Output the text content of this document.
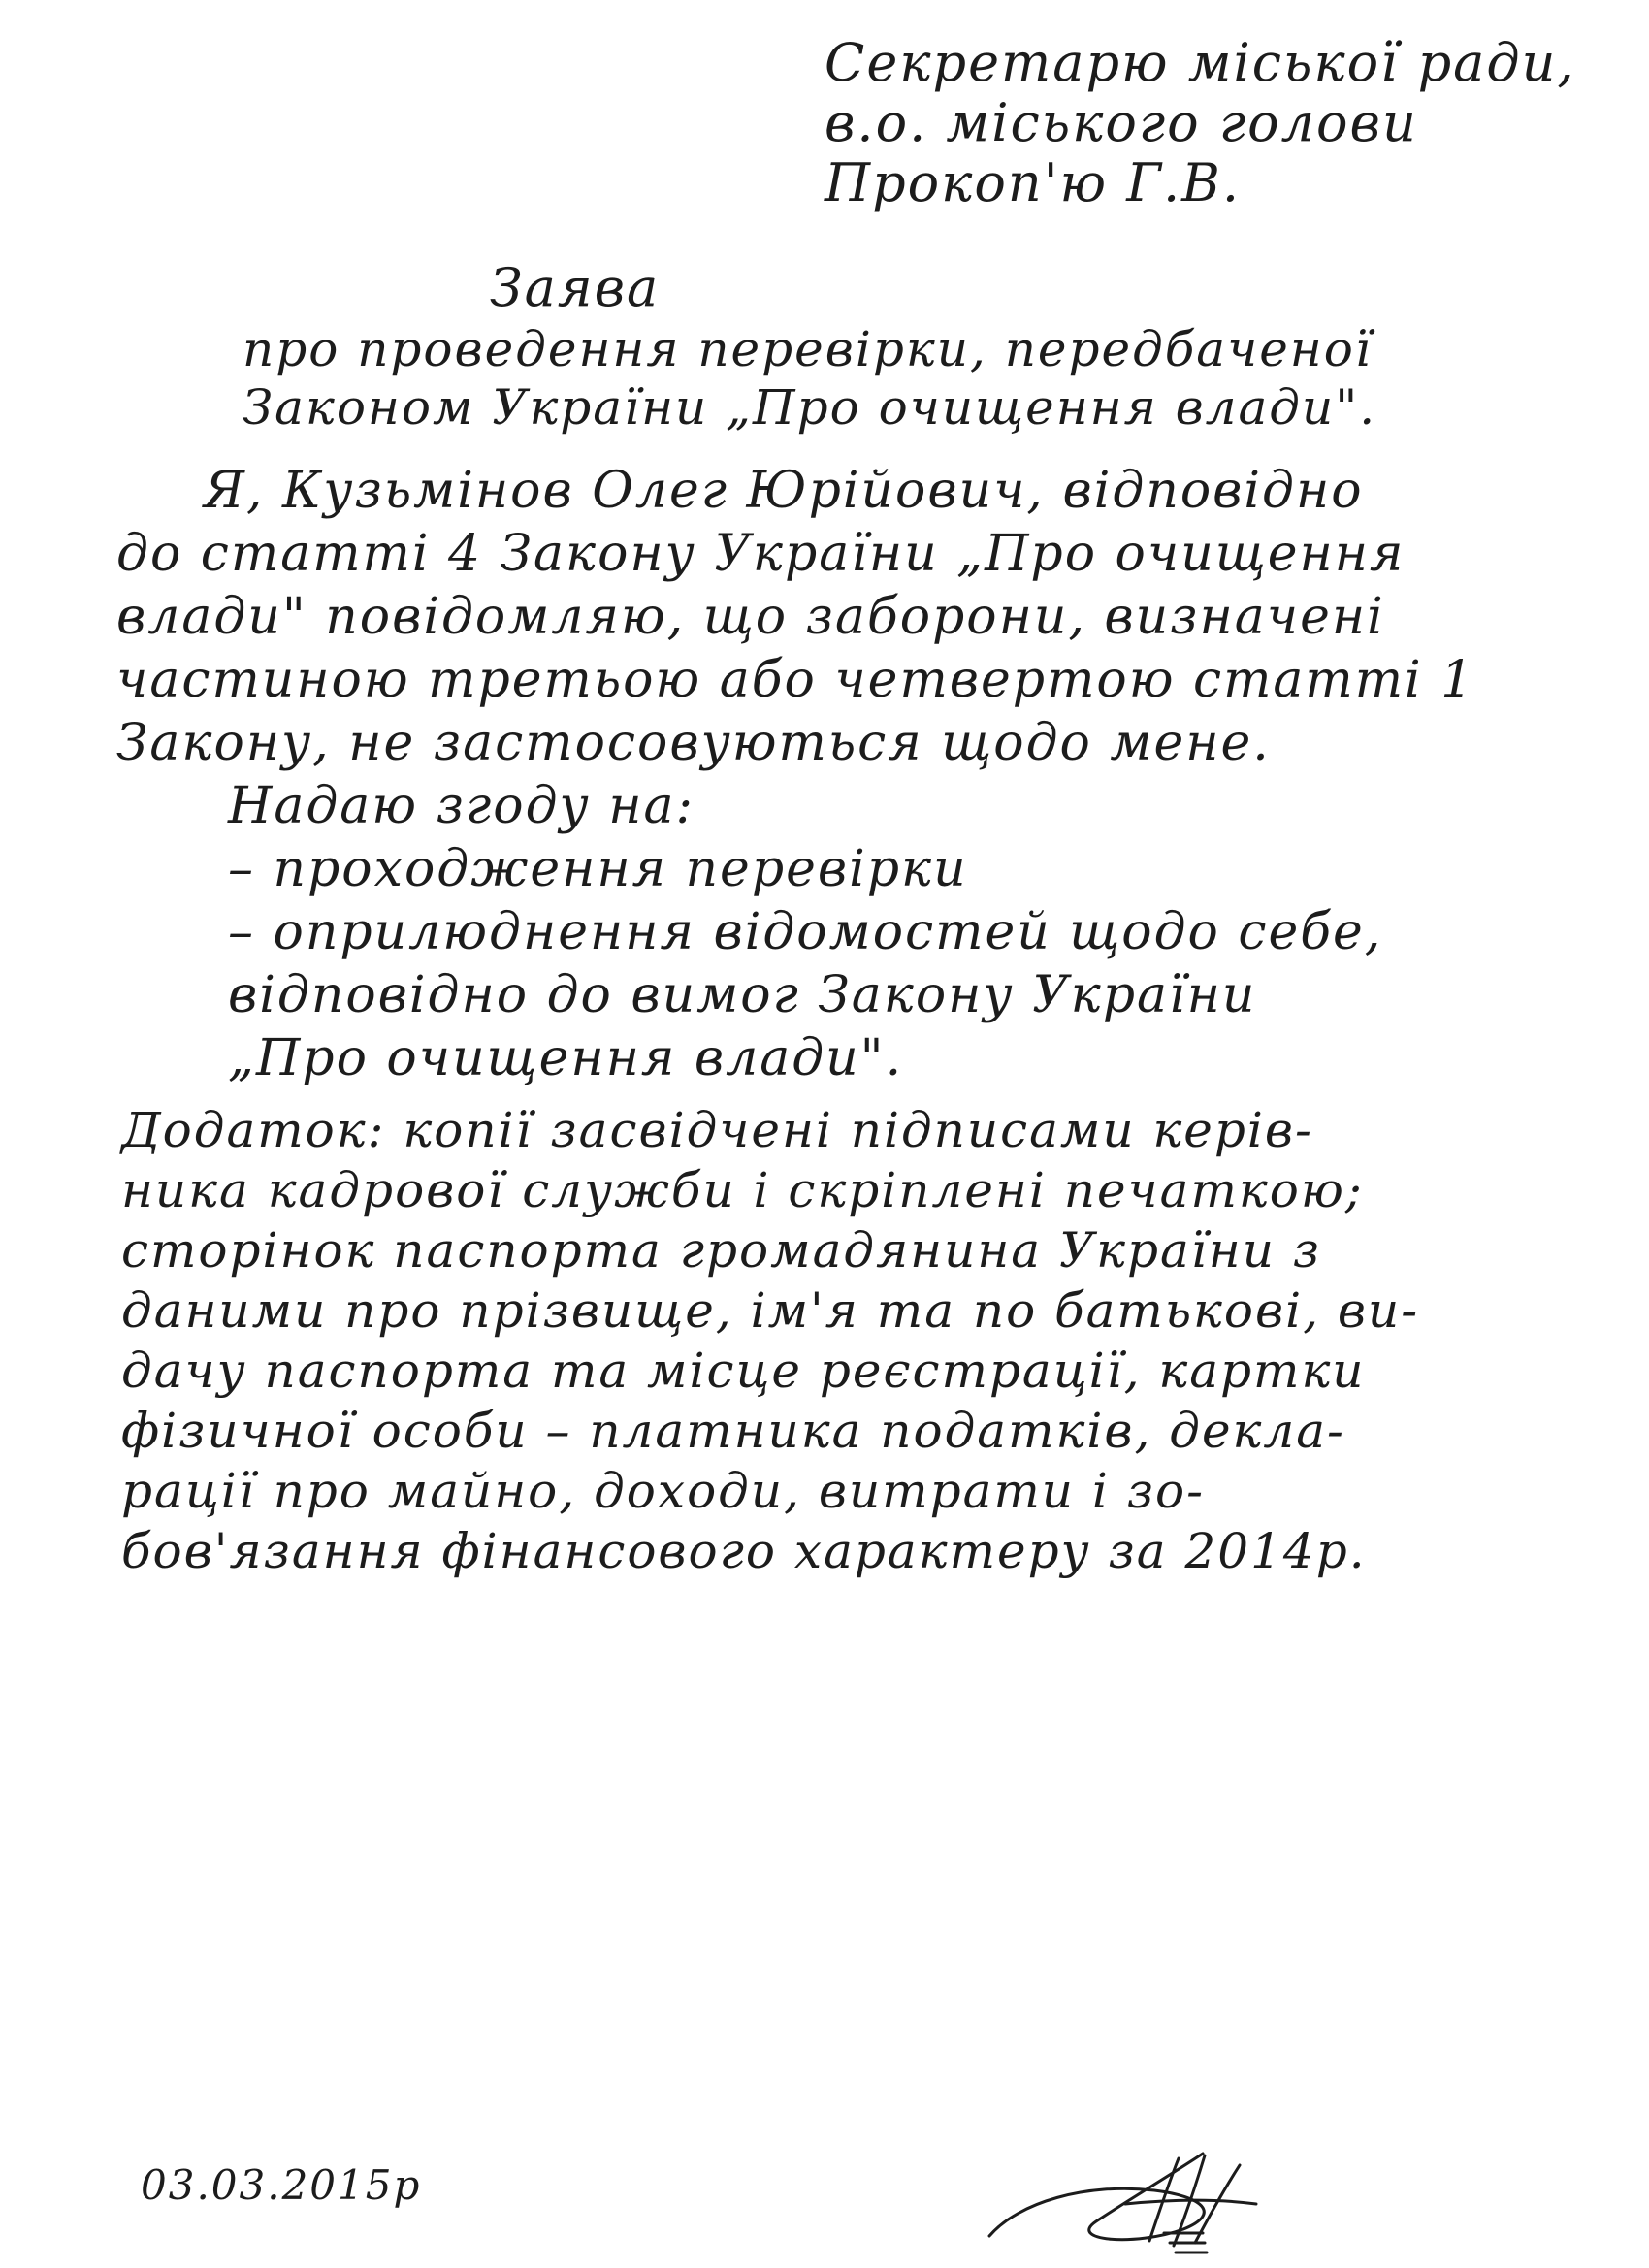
Секретарю міської ради,
в.о. міського голови
Прокоп'ю Г.В.
Заява
про проведення перевірки, передбаченої
Законом України „Про очищення влади".
Я, Кузьмінов Олег Юрійович, відповідно
до статті 4 Закону України „Про очищення
влади" повідомляю, що заборони, визначені
частиною третьою або четвертою статті 1
Закону, не застосовуються щодо мене.
Надаю згоду на:
– проходження перевірки
– оприлюднення відомостей щодо себе,
відповідно до вимог Закону України
„Про очищення влади".
Додаток: копії засвідчені підписами керів-
ника кадрової служби і скріплені печаткою;
сторінок паспорта громадянина України з
даними про прізвище, ім'я та по батькові, ви-
дачу паспорта та місце реєстрації, картки
фізичної особи – платника податків, декла-
рації про майно, доходи, витрати і зо-
бов'язання фінансового характеру за 2014р.
03.03.2015р
